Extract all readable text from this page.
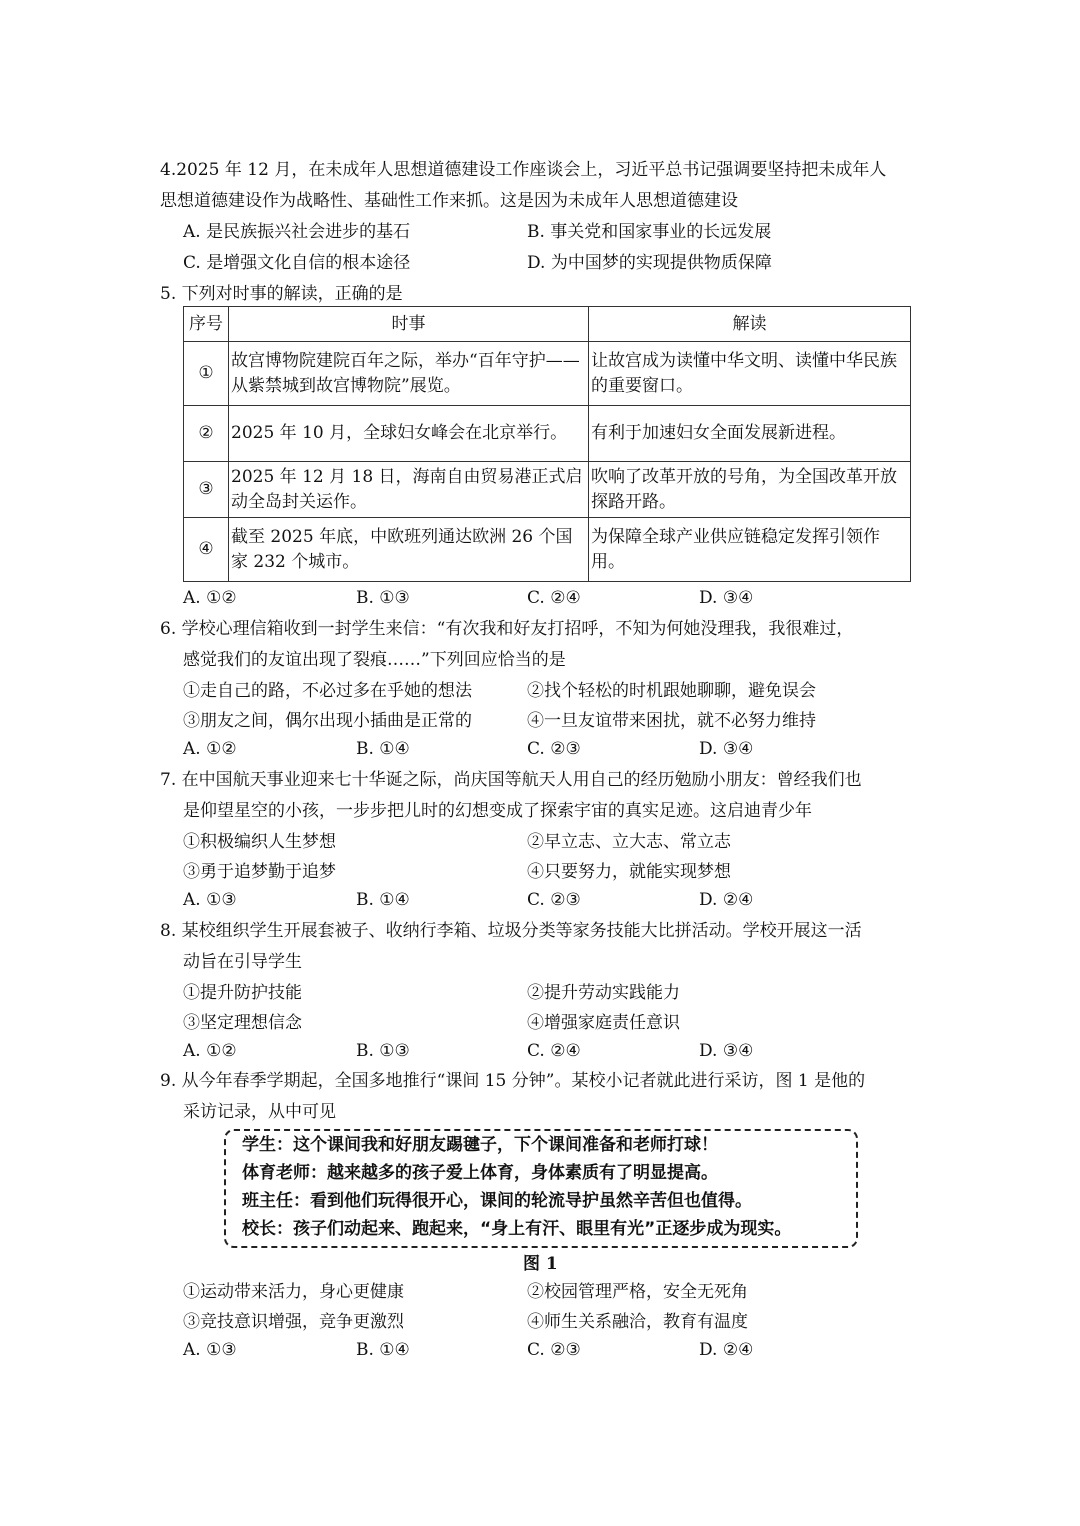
4.2025 年 12 月，在未成年人思想道德建设工作座谈会上，习近平总书记强调要坚持把未成年人
思想道德建设作为战略性、基础性工作来抓。这是因为未成年人思想道德建设
A. 是民族振兴社会进步的基石	B. 事关党和国家事业的长远发展
C. 是增强文化自信的根本途径	D. 为中国梦的实现提供物质保障
5. 下列对时事的解读，正确的是
序号	时事	解读
①	故宫博物院建院百年之际，举办“百年守护——从紫禁城到故宫博物院”展览。	让故宫成为读懂中华文明、读懂中华民族的重要窗口。
②	2025 年 10 月，全球妇女峰会在北京举行。	有利于加速妇女全面发展新进程。
③	2025 年 12 月 18 日，海南自由贸易港正式启动全岛封关运作。	吹响了改革开放的号角，为全国改革开放探路开路。
④	截至 2025 年底，中欧班列通达欧洲 26 个国家 232 个城市。	为保障全球产业供应链稳定发挥引领作用。
A. ①②	B. ①③	C. ②④	D. ③④
6. 学校心理信箱收到一封学生来信：“有次我和好友打招呼，不知为何她没理我，我很难过，
感觉我们的友谊出现了裂痕……”下列回应恰当的是
①走自己的路，不必过多在乎她的想法	②找个轻松的时机跟她聊聊，避免误会
③朋友之间，偶尔出现小插曲是正常的	④一旦友谊带来困扰，就不必努力维持
A. ①②	B. ①④	C. ②③	D. ③④
7. 在中国航天事业迎来七十华诞之际，尚庆国等航天人用自己的经历勉励小朋友：曾经我们也
是仰望星空的小孩，一步步把儿时的幻想变成了探索宇宙的真实足迹。这启迪青少年
①积极编织人生梦想	②早立志、立大志、常立志
③勇于追梦勤于追梦	④只要努力，就能实现梦想
A. ①③	B. ①④	C. ②③	D. ②④
8. 某校组织学生开展套被子、收纳行李箱、垃圾分类等家务技能大比拼活动。学校开展这一活
动旨在引导学生
①提升防护技能	②提升劳动实践能力
③坚定理想信念	④增强家庭责任意识
A. ①②	B. ①③	C. ②④	D. ③④
9. 从今年春季学期起，全国多地推行“课间 15 分钟”。某校小记者就此进行采访，图 1 是他的
采访记录，从中可见
学生：这个课间我和好朋友踢毽子，下个课间准备和老师打球！
体育老师：越来越多的孩子爱上体育，身体素质有了明显提高。
班主任：看到他们玩得很开心，课间的轮流导护虽然辛苦但也值得。
校长：孩子们动起来、跑起来，“身上有汗、眼里有光”正逐步成为现实。
图 1
①运动带来活力，身心更健康	②校园管理严格，安全无死角
③竞技意识增强，竞争更激烈	④师生关系融洽，教育有温度
A. ①③	B. ①④	C. ②③	D. ②④
